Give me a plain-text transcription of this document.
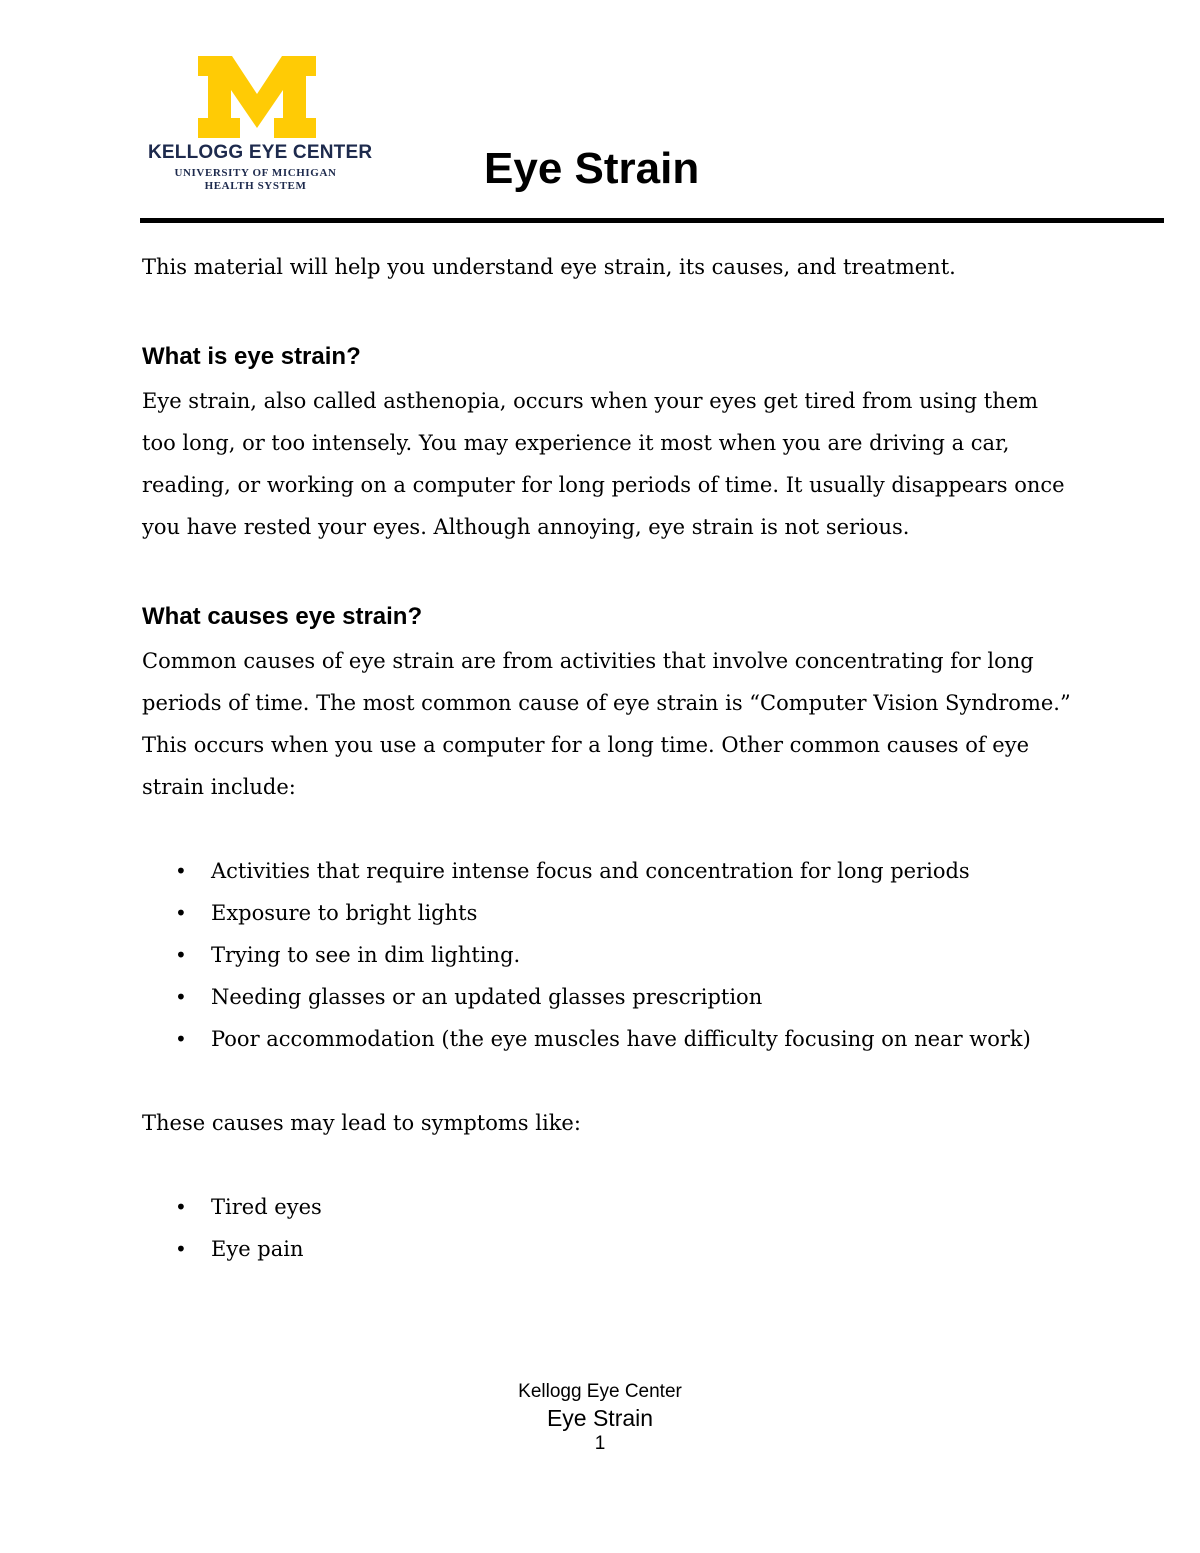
KELLOGG EYE CENTER
UNIVERSITY OF MICHIGAN
HEALTH SYSTEM	Eye Strain

This material will help you understand eye strain, its causes, and treatment.

What is eye strain?

Eye strain, also called asthenopia, occurs when your eyes get tired from using them too long, or too intensely. You may experience it most when you are driving a car, reading, or working on a computer for long periods of time. It usually disappears once you have rested your eyes. Although annoying, eye strain is not serious.

What causes eye strain?

Common causes of eye strain are from activities that involve concentrating for long periods of time. The most common cause of eye strain is “Computer Vision Syndrome.” This occurs when you use a computer for a long time. Other common causes of eye strain include:

• Activities that require intense focus and concentration for long periods
• Exposure to bright lights
• Trying to see in dim lighting.
• Needing glasses or an updated glasses prescription
• Poor accommodation (the eye muscles have difficulty focusing on near work)

These causes may lead to symptoms like:

• Tired eyes
• Eye pain
Kellogg Eye Center
Eye Strain
1
